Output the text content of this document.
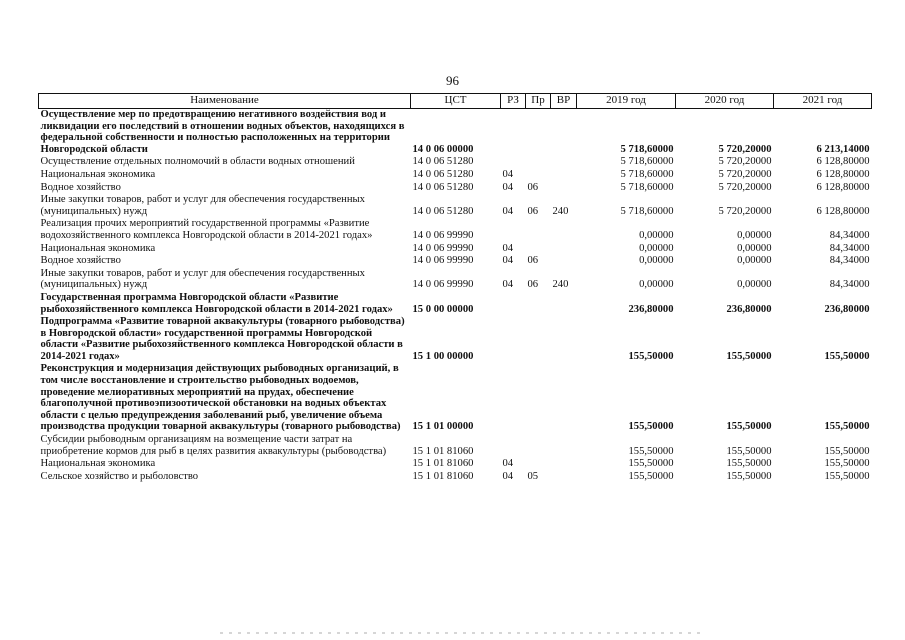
96
Наименование	ЦСТ	РЗ	Пр	ВР	2019 год	2020 год	2021 год
Осуществление мер по предотвращению негативного воздействия вод и ликвидации его последствий в отношении водных объектов, находящихся в федеральной собственности и полностью расположенных на территории Новгородской области	14 0 06 00000				5 718,60000	5 720,20000	6 213,14000
Осуществление отдельных полномочий в области водных отношений	14 0 06 51280				5 718,60000	5 720,20000	6 128,80000
Национальная экономика	14 0 06 51280	04			5 718,60000	5 720,20000	6 128,80000
Водное хозяйство	14 0 06 51280	04	06		5 718,60000	5 720,20000	6 128,80000
Иные закупки товаров, работ и услуг для обеспечения государственных (муниципальных) нужд	14 0 06 51280	04	06	240	5 718,60000	5 720,20000	6 128,80000
Реализация прочих мероприятий государственной программы «Развитие водохозяйственного комплекса Новгородской области в 2014-2021 годах»	14 0 06 99990				0,00000	0,00000	84,34000
Национальная экономика	14 0 06 99990	04			0,00000	0,00000	84,34000
Водное хозяйство	14 0 06 99990	04	06		0,00000	0,00000	84,34000
Иные закупки товаров, работ и услуг для обеспечения государственных (муниципальных) нужд	14 0 06 99990	04	06	240	0,00000	0,00000	84,34000
Государственная программа Новгородской области «Развитие рыбохозяйственного комплекса Новгородской области в 2014-2021 годах»	15 0 00 00000				236,80000	236,80000	236,80000
Подпрограмма «Развитие товарной аквакультуры (товарного рыбоводства) в Новгородской области» государственной программы Новгородской области «Развитие рыбохозяйственного комплекса Новгородской области в 2014-2021 годах»	15 1 00 00000				155,50000	155,50000	155,50000
Реконструкция и модернизация действующих рыбоводных организаций, в том числе восстановление и строительство рыбоводных водоемов, проведение мелиоративных мероприятий на прудах, обеспечение благополучной противоэпизоотической обстановки на водных объектах области с целью предупреждения заболеваний рыб, увеличение объема производства продукции товарной аквакультуры (товарного рыбоводства)	15 1 01 00000				155,50000	155,50000	155,50000
Субсидии рыбоводным организациям на возмещение части затрат на приобретение кормов для рыб в целях развития аквакультуры (рыбоводства)	15 1 01 81060				155,50000	155,50000	155,50000
Национальная экономика	15 1 01 81060	04			155,50000	155,50000	155,50000
Сельское хозяйство и рыболовство	15 1 01 81060	04	05		155,50000	155,50000	155,50000
